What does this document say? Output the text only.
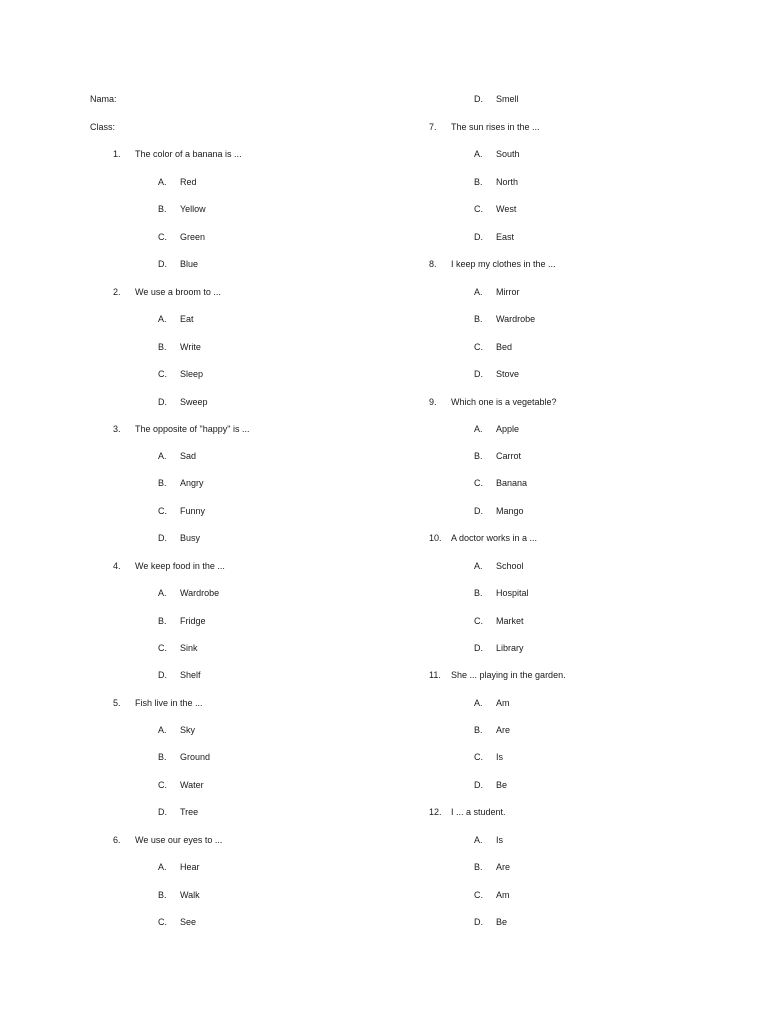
Nama:
Class:
1. The color of a banana is ...
A. Red
B. Yellow
C. Green
D. Blue
2. We use a broom to ...
A. Eat
B. Write
C. Sleep
D. Sweep
3. The opposite of "happy" is ...
A. Sad
B. Angry
C. Funny
D. Busy
4. We keep food in the ...
A. Wardrobe
B. Fridge
C. Sink
D. Shelf
5. Fish live in the ...
A. Sky
B. Ground
C. Water
D. Tree
6. We use our eyes to ...
A. Hear
B. Walk
C. See
D. Smell
7. The sun rises in the ...
A. South
B. North
C. West
D. East
8. I keep my clothes in the ...
A. Mirror
B. Wardrobe
C. Bed
D. Stove
9. Which one is a vegetable?
A. Apple
B. Carrot
C. Banana
D. Mango
10. A doctor works in a ...
A. School
B. Hospital
C. Market
D. Library
11. She ... playing in the garden.
A. Am
B. Are
C. Is
D. Be
12. I ... a student.
A. Is
B. Are
C. Am
D. Be
